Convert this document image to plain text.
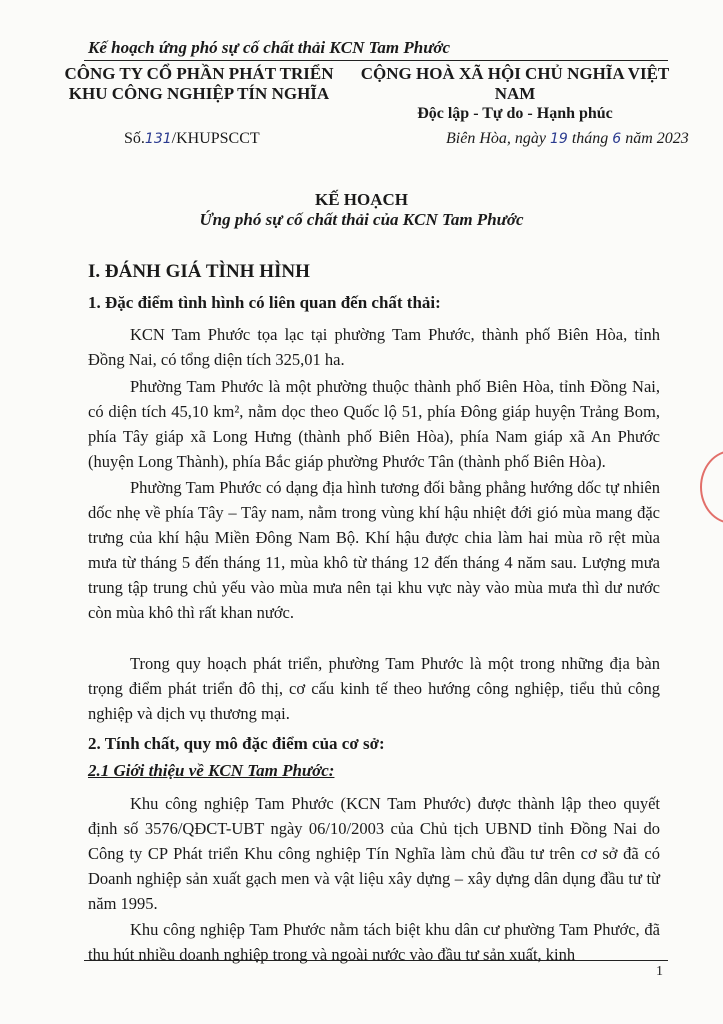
Kế hoạch ứng phó sự cố chất thải KCN Tam Phước
CÔNG TY CỔ PHẦN PHÁT TRIỂN
KHU CÔNG NGHIỆP TÍN NGHĨA
CỘNG HOÀ XÃ HỘI CHỦ NGHĨA VIỆT NAM
Độc lập - Tự do - Hạnh phúc
Số.131/KHUPSCCT	Biên Hòa, ngày 19 tháng 6 năm 2023
KẾ HOẠCH
Ứng phó sự cố chất thải của KCN Tam Phước
I. ĐÁNH GIÁ TÌNH HÌNH
1. Đặc điểm tình hình có liên quan đến chất thải:

KCN Tam Phước tọa lạc tại phường Tam Phước, thành phố Biên Hòa, tỉnh Đồng Nai, có tổng diện tích 325,01 ha.

Phường Tam Phước là một phường thuộc thành phố Biên Hòa, tỉnh Đồng Nai, có diện tích 45,10 km², nằm dọc theo Quốc lộ 51, phía Đông giáp huyện Trảng Bom, phía Tây giáp xã Long Hưng (thành phố Biên Hòa), phía Nam giáp xã An Phước (huyện Long Thành), phía Bắc giáp phường Phước Tân (thành phố Biên Hòa).

Phường Tam Phước có dạng địa hình tương đối bằng phẳng hướng dốc tự nhiên dốc nhẹ về phía Tây – Tây nam, nằm trong vùng khí hậu nhiệt đới gió mùa mang đặc trưng của khí hậu Miền Đông Nam Bộ. Khí hậu được chia làm hai mùa rõ rệt mùa mưa từ tháng 5 đến tháng 11, mùa khô từ tháng 12 đến tháng 4 năm sau. Lượng mưa trung tập trung chủ yếu vào mùa mưa nên tại khu vực này vào mùa mưa thì dư nước còn mùa khô thì rất khan nước.

Trong quy hoạch phát triển, phường Tam Phước là một trong những địa bàn trọng điểm phát triển đô thị, cơ cấu kinh tế theo hướng công nghiệp, tiểu thủ công nghiệp và dịch vụ thương mại.

2. Tính chất, quy mô đặc điểm của cơ sở:
2.1 Giới thiệu về KCN Tam Phước:

Khu công nghiệp Tam Phước (KCN Tam Phước) được thành lập theo quyết định số 3576/QĐCT-UBT ngày 06/10/2003 của Chủ tịch UBND tỉnh Đồng Nai do Công ty CP Phát triển Khu công nghiệp Tín Nghĩa làm chủ đầu tư trên cơ sở đã có Doanh nghiệp sản xuất gạch men và vật liệu xây dựng – xây dựng dân dụng đầu tư từ năm 1995.

Khu công nghiệp Tam Phước nằm tách biệt khu dân cư phường Tam Phước, đã thu hút nhiều doanh nghiệp trong và ngoài nước vào đầu tư sản xuất, kinh

1
